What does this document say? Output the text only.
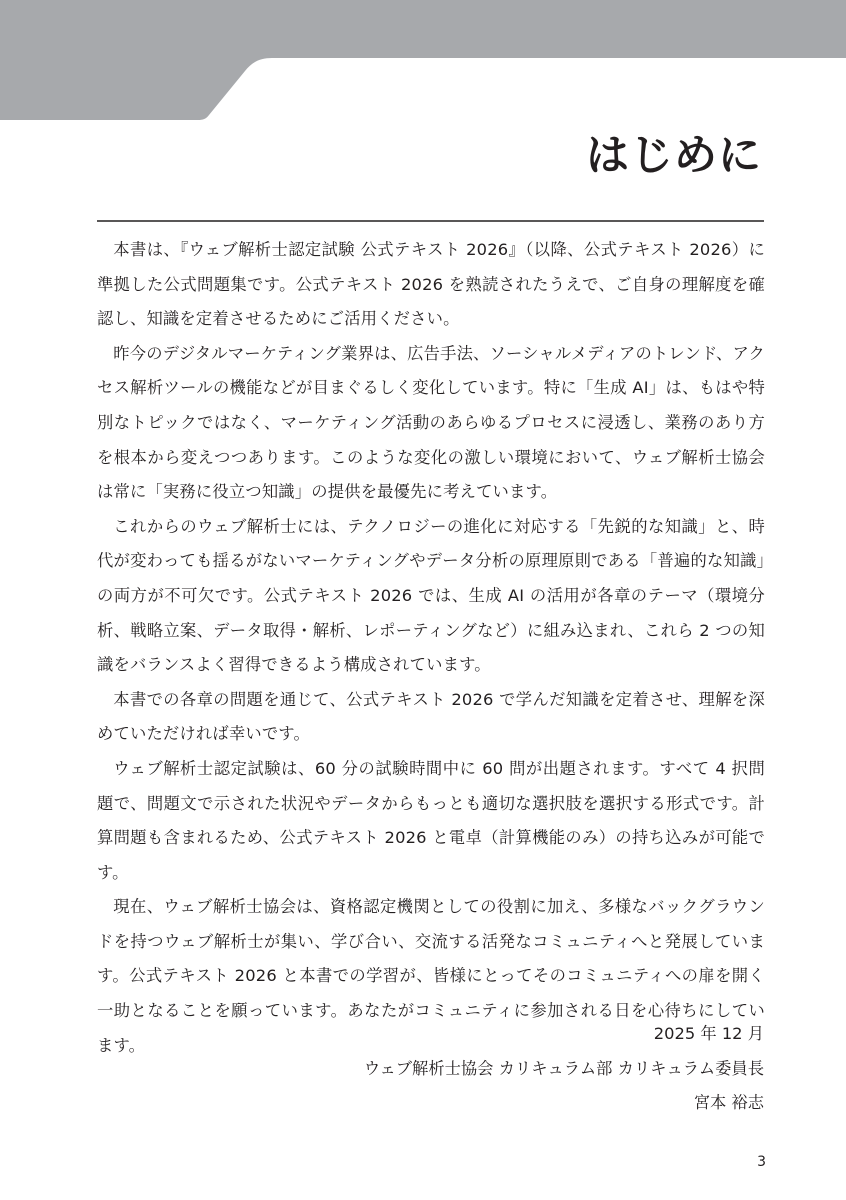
はじめに

本書は、『ウェブ解析士認定試験 公式テキスト 2026』（以降、公式テキスト 2026）に準拠した公式問題集です。公式テキスト 2026 を熟読されたうえで、ご自身の理解度を確認し、知識を定着させるためにご活用ください。

昨今のデジタルマーケティング業界は、広告手法、ソーシャルメディアのトレンド、アクセス解析ツールの機能などが目まぐるしく変化しています。特に「生成 AI」は、もはや特別なトピックではなく、マーケティング活動のあらゆるプロセスに浸透し、業務のあり方を根本から変えつつあります。このような変化の激しい環境において、ウェブ解析士協会は常に「実務に役立つ知識」の提供を最優先に考えています。

これからのウェブ解析士には、テクノロジーの進化に対応する「先鋭的な知識」と、時代が変わっても揺るがないマーケティングやデータ分析の原理原則である「普遍的な知識」の両方が不可欠です。公式テキスト 2026 では、生成 AI の活用が各章のテーマ（環境分析、戦略立案、データ取得・解析、レポーティングなど）に組み込まれ、これら 2 つの知識をバランスよく習得できるよう構成されています。

本書での各章の問題を通じて、公式テキスト 2026 で学んだ知識を定着させ、理解を深めていただければ幸いです。

ウェブ解析士認定試験は、60 分の試験時間中に 60 問が出題されます。すべて 4 択問題で、問題文で示された状況やデータからもっとも適切な選択肢を選択する形式です。計算問題も含まれるため、公式テキスト 2026 と電卓（計算機能のみ）の持ち込みが可能です。

現在、ウェブ解析士協会は、資格認定機関としての役割に加え、多様なバックグラウンドを持つウェブ解析士が集い、学び合い、交流する活発なコミュニティへと発展しています。公式テキスト 2026 と本書での学習が、皆様にとってそのコミュニティへの扉を開く一助となることを願っています。あなたがコミュニティに参加される日を心待ちにしています。

2025 年 12 月
ウェブ解析士協会 カリキュラム部 カリキュラム委員長
宮本 裕志
3
